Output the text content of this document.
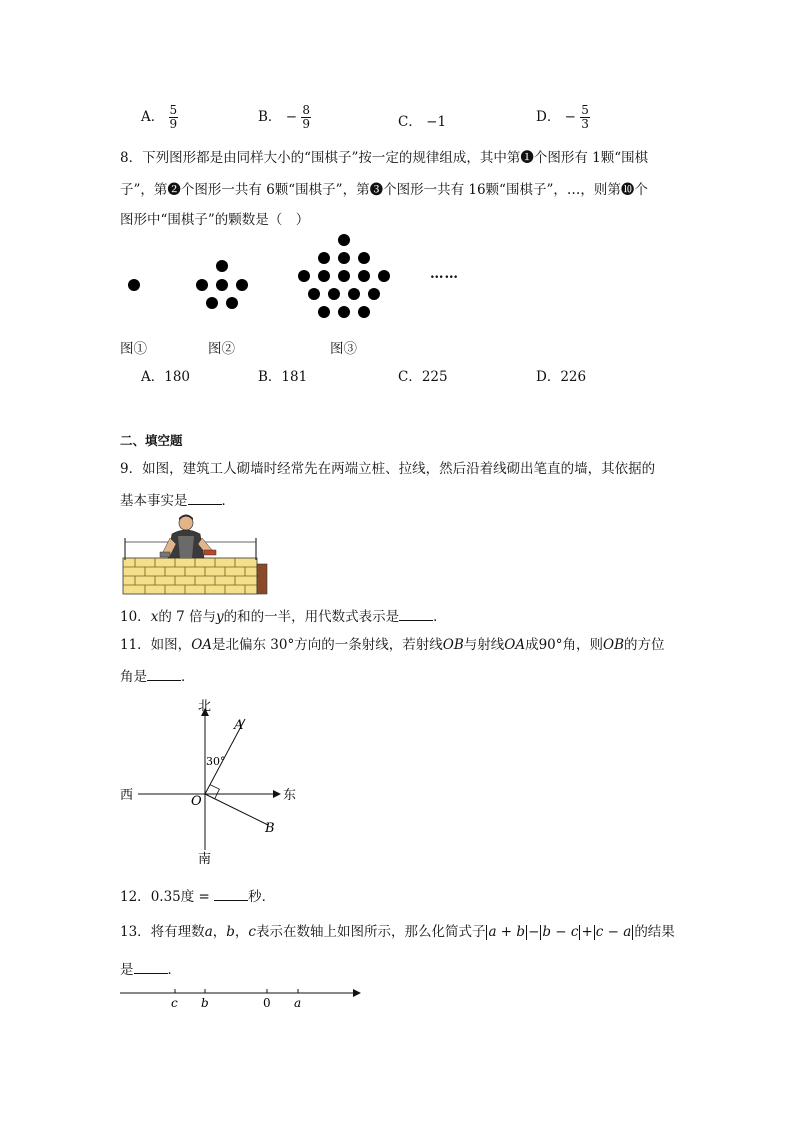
A． $\frac{5}{9}$	B． − $\frac{8}{9}$	C． −1	D． − $\frac{5}{3}$
8．下列图形都是由同样大小的“围棋子”按一定的规律组成，其中第❶个图形有 1颗“围棋
子”，第❷个图形一共有 6颗“围棋子”，第❸个图形一共有 16颗“围棋子”，…，则第❿个
图形中“围棋子”的颗数是（　）
……
图①	图②	图③
A．180	B．181	C．225	D．226
二、填空题
9．如图，建筑工人砌墙时经常先在两端立桩、拉线，然后沿着线砌出笔直的墙，其依据的
基本事实是	．
10．x的 7 倍与y的和的一半，用代数式表示是	．
11．如图，OA是北偏东 30°方向的一条射线，若射线OB与射线OA成90°角，则OB的方位
角是	．
北
南
西	东
O
A
B
30°
12．0.35度 =	秒．
13．将有理数a，b，c表示在数轴上如图所示，那么化简式子 a + b − b − c + c − a 的结果
是	．
c b	0 a
